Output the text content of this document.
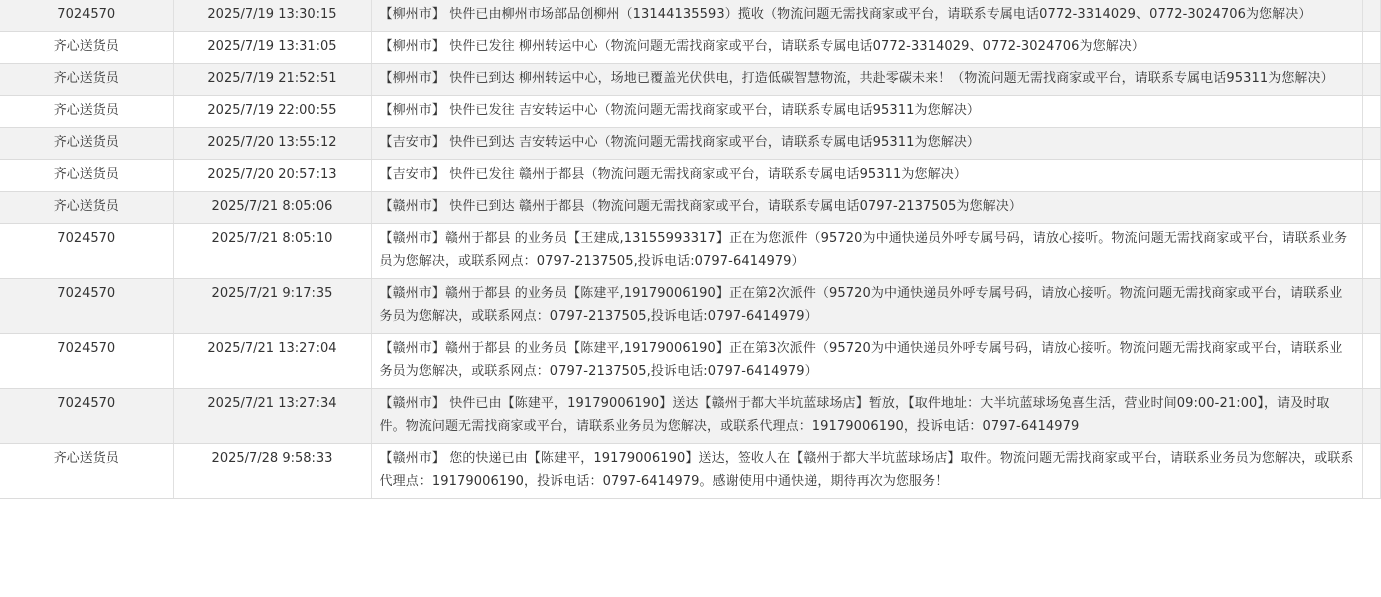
7024570	2025/7/19 13:30:15	【柳州市】 快件已由柳州市场部品创柳州（13144135593）揽收（物流问题无需找商家或平台，请联系专属电话0772-3314029、0772-3024706为您解决）	
齐心送货员	2025/7/19 13:31:05	【柳州市】 快件已发往 柳州转运中心（物流问题无需找商家或平台，请联系专属电话0772-3314029、0772-3024706为您解决）	
齐心送货员	2025/7/19 21:52:51	【柳州市】 快件已到达 柳州转运中心，场地已覆盖光伏供电，打造低碳智慧物流，共赴零碳未来！（物流问题无需找商家或平台，请联系专属电话95311为您解决）	
齐心送货员	2025/7/19 22:00:55	【柳州市】 快件已发往 吉安转运中心（物流问题无需找商家或平台，请联系专属电话95311为您解决）	
齐心送货员	2025/7/20 13:55:12	【吉安市】 快件已到达 吉安转运中心（物流问题无需找商家或平台，请联系专属电话95311为您解决）	
齐心送货员	2025/7/20 20:57:13	【吉安市】 快件已发往 赣州于都县（物流问题无需找商家或平台，请联系专属电话95311为您解决）	
齐心送货员	2025/7/21 8:05:06	【赣州市】 快件已到达 赣州于都县（物流问题无需找商家或平台，请联系专属电话0797-2137505为您解决）	
7024570	2025/7/21 8:05:10	【赣州市】赣州于都县 的业务员【王建成,13155993317】正在为您派件（95720为中通快递员外呼专属号码，请放心接听。物流问题无需找商家或平台，请联系业务员为您解决，或联系网点：0797-2137505,投诉电话:0797-6414979）	
7024570	2025/7/21 9:17:35	【赣州市】赣州于都县 的业务员【陈建平,19179006190】正在第2次派件（95720为中通快递员外呼专属号码，请放心接听。物流问题无需找商家或平台，请联系业务员为您解决，或联系网点：0797-2137505,投诉电话:0797-6414979）	
7024570	2025/7/21 13:27:04	【赣州市】赣州于都县 的业务员【陈建平,19179006190】正在第3次派件（95720为中通快递员外呼专属号码，请放心接听。物流问题无需找商家或平台，请联系业务员为您解决，或联系网点：0797-2137505,投诉电话:0797-6414979）	
7024570	2025/7/21 13:27:34	【赣州市】 快件已由【陈建平，19179006190】送达【赣州于都大半坑蓝球场店】暂放，【取件地址：大半坑蓝球场兔喜生活，营业时间09:00-21:00】，请及时取件。物流问题无需找商家或平台，请联系业务员为您解决，或联系代理点：19179006190，投诉电话：0797-6414979	
齐心送货员	2025/7/28 9:58:33	【赣州市】 您的快递已由【陈建平，19179006190】送达，签收人在【赣州于都大半坑蓝球场店】取件。物流问题无需找商家或平台，请联系业务员为您解决，或联系代理点：19179006190，投诉电话：0797-6414979。感谢使用中通快递，期待再次为您服务！	
